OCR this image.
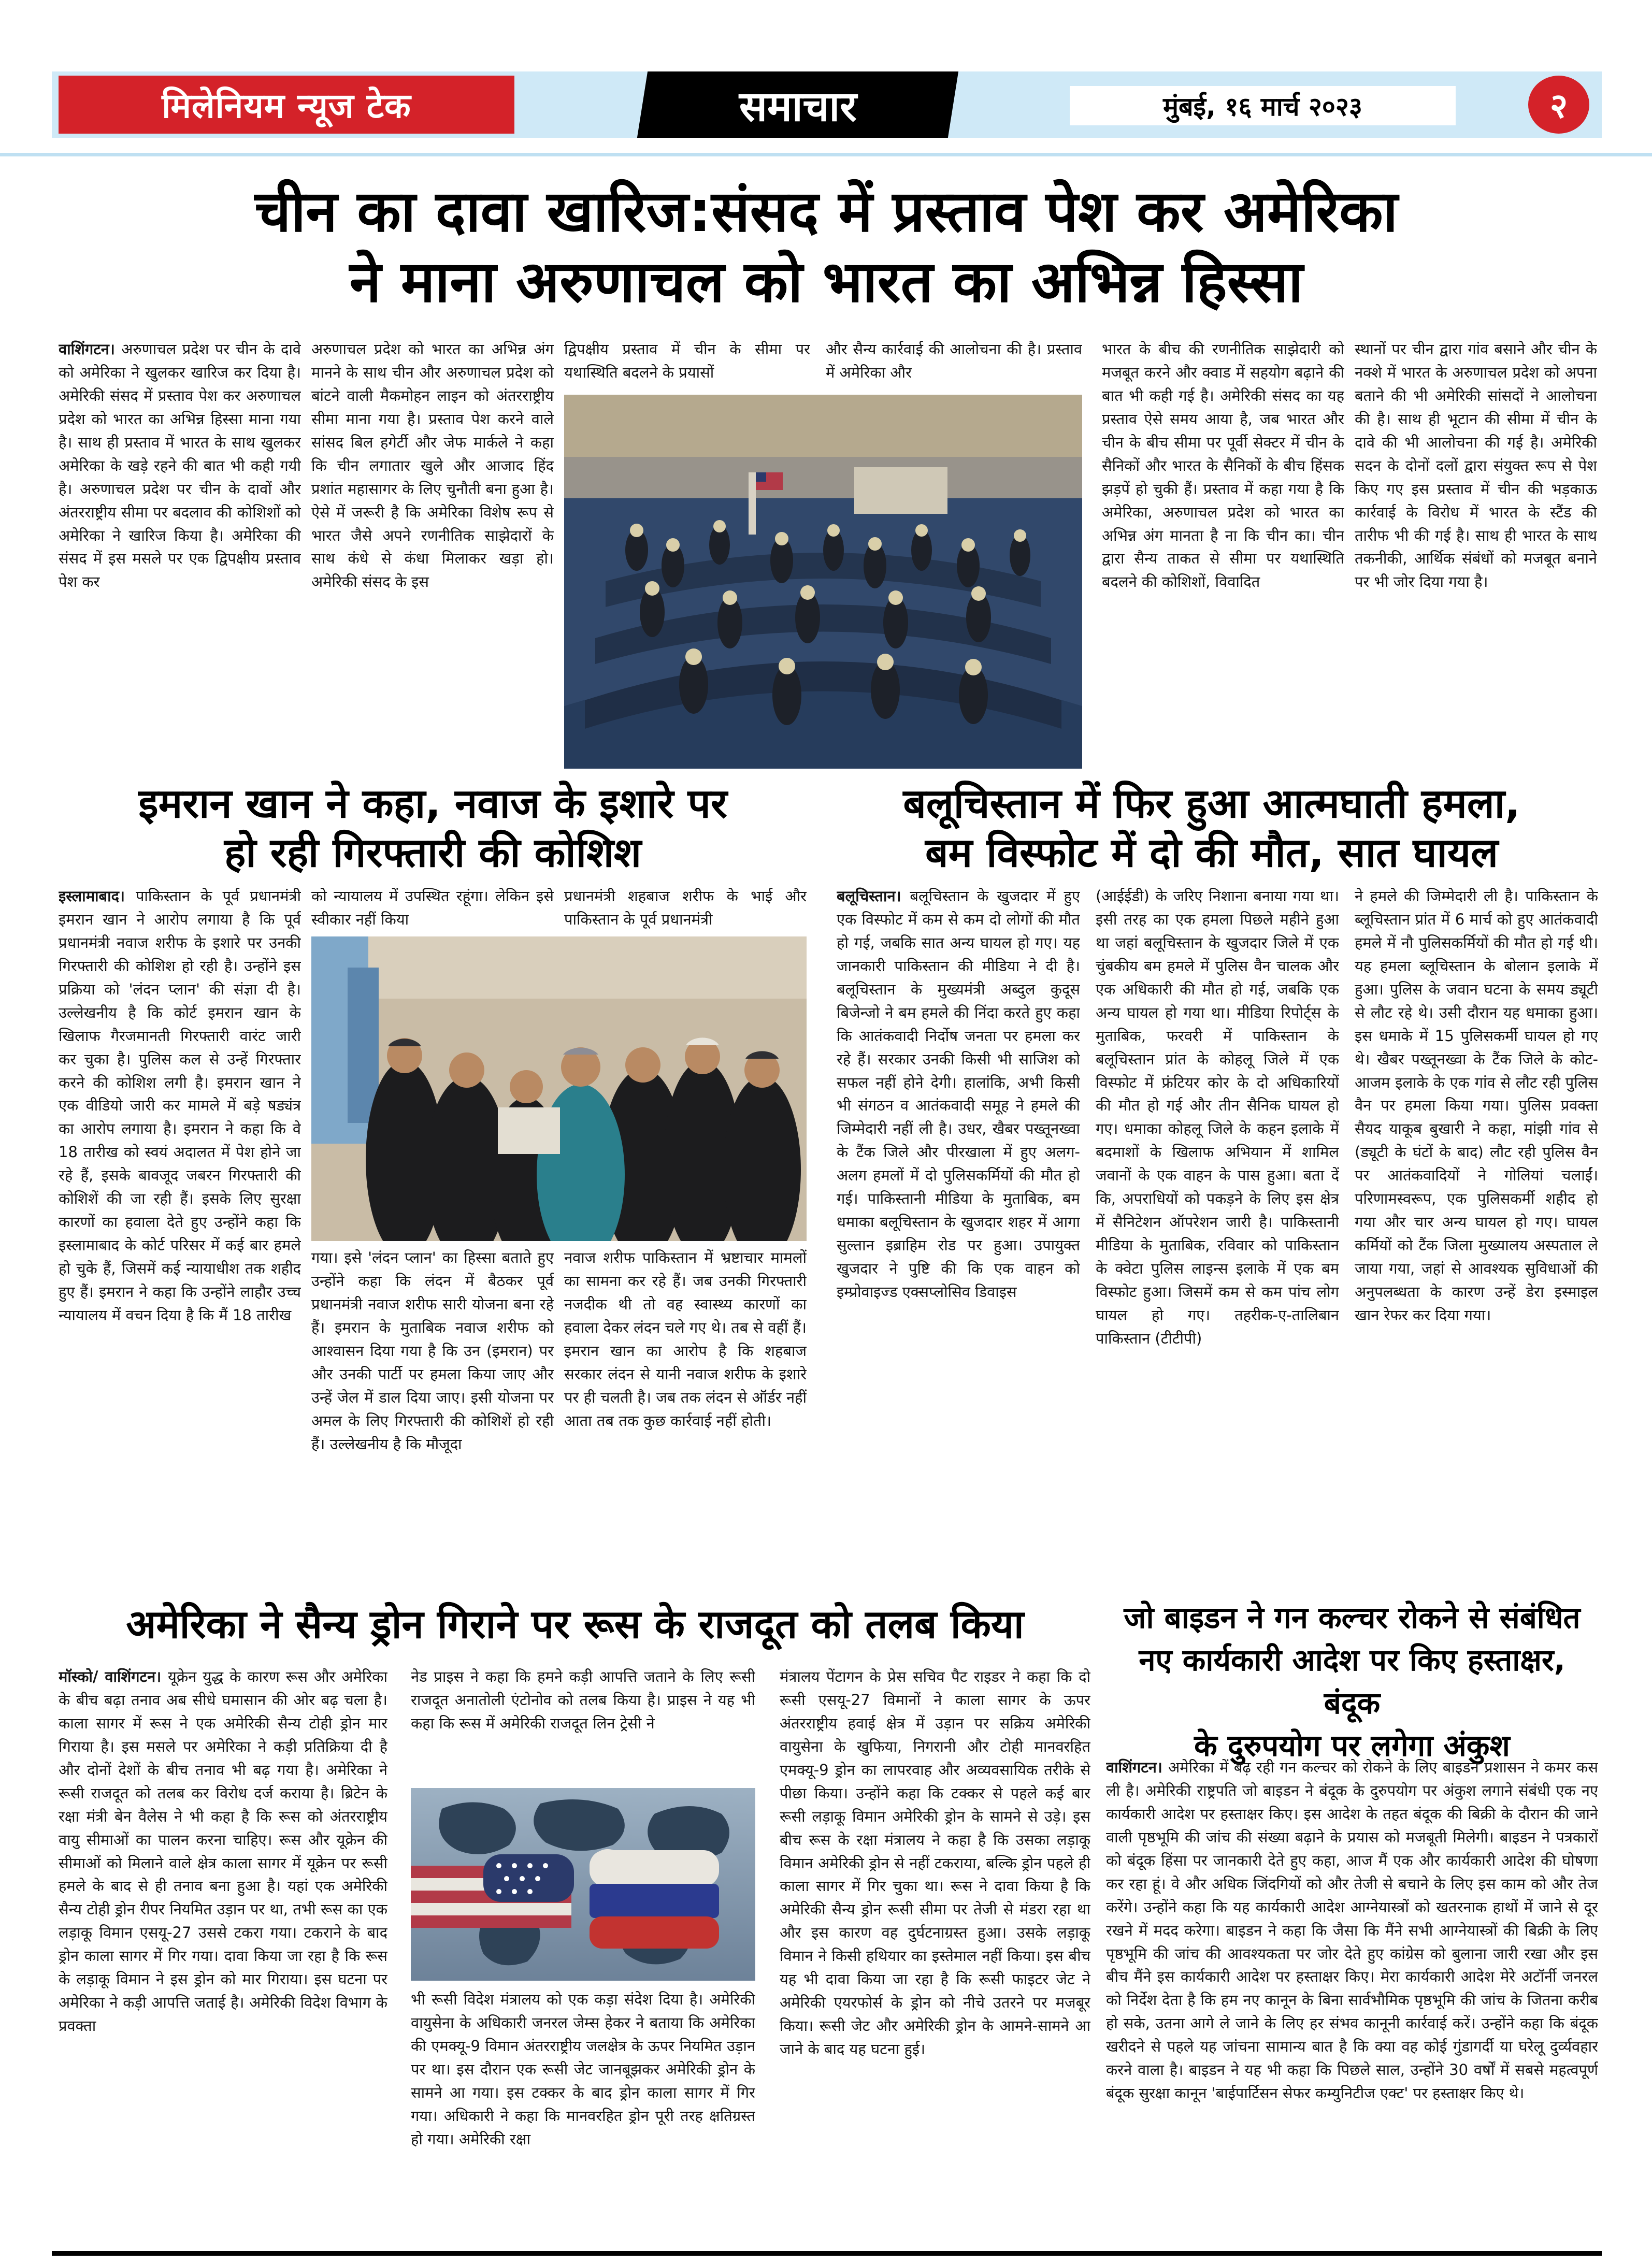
मिलेनियम न्यूज टेक	समाचार	मुंबई, १६ मार्च २०२३	२
चीन का दावा खारिज:संसद में प्रस्ताव पेश कर अमेरिका
ने माना अरुणाचल को भारत का अभिन्न हिस्सा
वाशिंगटन। अरुणाचल प्रदेश पर चीन के दावे को अमेरिका ने खुलकर खारिज कर दिया है। अमेरिकी संसद में प्रस्ताव पेश कर अरुणाचल प्रदेश को भारत का अभिन्न हिस्सा माना गया है। साथ ही प्रस्ताव में भारत के साथ खुलकर अमेरिका के खड़े रहने की बात भी कही गयी है। अरुणाचल प्रदेश पर चीन के दावों और अंतरराष्ट्रीय सीमा पर बदलाव की कोशिशों को अमेरिका ने खारिज किया है। अमेरिका की संसद में इस मसले पर एक द्विपक्षीय प्रस्ताव पेश कर
अरुणाचल प्रदेश को भारत का अभिन्न अंग मानने के साथ चीन और अरुणाचल प्रदेश को बांटने वाली मैकमोहन लाइन को अंतरराष्ट्रीय सीमा माना गया है। प्रस्ताव पेश करने वाले सांसद बिल हगेर्टी और जेफ मार्कले ने कहा कि चीन लगातार खुले और आजाद हिंद प्रशांत महासागर के लिए चुनौती बना हुआ है। ऐसे में जरूरी है कि अमेरिका विशेष रूप से भारत जैसे अपने रणनीतिक साझेदारों के साथ कंधे से कंधा मिलाकर खड़ा हो। अमेरिकी संसद के इस
द्विपक्षीय प्रस्ताव में चीन के सीमा पर यथास्थिति बदलने के प्रयासों
और सैन्य कार्रवाई की आलोचना की है। प्रस्ताव में अमेरिका और
भारत के बीच की रणनीतिक साझेदारी को मजबूत करने और क्वाड में सहयोग बढ़ाने की बात भी कही गई है। अमेरिकी संसद का यह प्रस्ताव ऐसे समय आया है, जब भारत और चीन के बीच सीमा पर पूर्वी सेक्टर में चीन के सैनिकों और भारत के सैनिकों के बीच हिंसक झड़पें हो चुकी हैं। प्रस्ताव में कहा गया है कि अमेरिका, अरुणाचल प्रदेश को भारत का अभिन्न अंग मानता है ना कि चीन का। चीन द्वारा सैन्य ताकत से सीमा पर यथास्थिति बदलने की कोशिशों, विवादित
स्थानों पर चीन द्वारा गांव बसाने और चीन के नक्शे में भारत के अरुणाचल प्रदेश को अपना बताने की भी अमेरिकी सांसदों ने आलोचना की है। साथ ही भूटान की सीमा में चीन के दावे की भी आलोचना की गई है। अमेरिकी सदन के दोनों दलों द्वारा संयुक्त रूप से पेश किए गए इस प्रस्ताव में चीन की भड़काऊ कार्रवाई के विरोध में भारत के स्टैंड की तारीफ भी की गई है। साथ ही भारत के साथ तकनीकी, आर्थिक संबंधों को मजबूत बनाने पर भी जोर दिया गया है।
इमरान खान ने कहा, नवाज के इशारे पर
हो रही गिरफ्तारी की कोशिश
इस्लामाबाद। पाकिस्तान के पूर्व प्रधानमंत्री इमरान खान ने आरोप लगाया है कि पूर्व प्रधानमंत्री नवाज शरीफ के इशारे पर उनकी गिरफ्तारी की कोशिश हो रही है। उन्होंने इस प्रक्रिया को 'लंदन प्लान' की संज्ञा दी है। उल्लेखनीय है कि कोर्ट इमरान खान के खिलाफ गैरजमानती गिरफ्तारी वारंट जारी कर चुका है। पुलिस कल से उन्हें गिरफ्तार करने की कोशिश लगी है। इमरान खान ने एक वीडियो जारी कर मामले में बड़े षड्यंत्र का आरोप लगाया है। इमरान ने कहा कि वे 18 तारीख को स्वयं अदालत में पेश होने जा रहे हैं, इसके बावजूद जबरन गिरफ्तारी की कोशिशें की जा रही हैं। इसके लिए सुरक्षा कारणों का हवाला देते हुए उन्होंने कहा कि इस्लामाबाद के कोर्ट परिसर में कई बार हमले हो चुके हैं, जिसमें कई न्यायाधीश तक शहीद हुए हैं। इमरान ने कहा कि उन्होंने लाहौर उच्च न्यायालय में वचन दिया है कि मैं 18 तारीख
को न्यायालय में उपस्थित रहूंगा। लेकिन इसे स्वीकार नहीं किया
प्रधानमंत्री शहबाज शरीफ के भाई और पाकिस्तान के पूर्व प्रधानमंत्री
गया। इसे 'लंदन प्लान' का हिस्सा बताते हुए उन्होंने कहा कि लंदन में बैठकर पूर्व प्रधानमंत्री नवाज शरीफ सारी योजना बना रहे हैं। इमरान के मुताबिक नवाज शरीफ को आश्वासन दिया गया है कि उन (इमरान) पर और उनकी पार्टी पर हमला किया जाए और उन्हें जेल में डाल दिया जाए। इसी योजना पर अमल के लिए गिरफ्तारी की कोशिशें हो रही हैं। उल्लेखनीय है कि मौजूदा
नवाज शरीफ पाकिस्तान में भ्रष्टाचार मामलों का सामना कर रहे हैं। जब उनकी गिरफ्तारी नजदीक थी तो वह स्वास्थ्य कारणों का हवाला देकर लंदन चले गए थे। तब से वहीं हैं। इमरान खान का आरोप है कि शहबाज सरकार लंदन से यानी नवाज शरीफ के इशारे पर ही चलती है। जब तक लंदन से ऑर्डर नहीं आता तब तक कुछ कार्रवाई नहीं होती।
बलूचिस्तान में फिर हुआ आत्मघाती हमला,
बम विस्फोट में दो की मौत, सात घायल
बलूचिस्तान। बलूचिस्तान के खुजदार में हुए एक विस्फोट में कम से कम दो लोगों की मौत हो गई, जबकि सात अन्य घायल हो गए। यह जानकारी पाकिस्तान की मीडिया ने दी है। बलूचिस्तान के मुख्यमंत्री अब्दुल कुदूस बिजेन्जो ने बम हमले की निंदा करते हुए कहा कि आतंकवादी निर्दोष जनता पर हमला कर रहे हैं। सरकार उनकी किसी भी साजिश को सफल नहीं होने देगी। हालांकि, अभी किसी भी संगठन व आतंकवादी समूह ने हमले की जिम्मेदारी नहीं ली है। उधर, खैबर पख्तूनख्वा के टैंक जिले और पीरखाला में हुए अलग-अलग हमलों में दो पुलिसकर्मियों की मौत हो गई। पाकिस्तानी मीडिया के मुताबिक, बम धमाका बलूचिस्तान के खुजदार शहर में आगा सुल्तान इब्राहिम रोड पर हुआ। उपायुक्त खुजदार ने पुष्टि की कि एक वाहन को इम्प्रोवाइज्ड एक्सप्लोसिव डिवाइस
(आईईडी) के जरिए निशाना बनाया गया था। इसी तरह का एक हमला पिछले महीने हुआ था जहां बलूचिस्तान के खुजदार जिले में एक चुंबकीय बम हमले में पुलिस वैन चालक और एक अधिकारी की मौत हो गई, जबकि एक अन्य घायल हो गया था। मीडिया रिपोर्ट्स के मुताबिक, फरवरी में पाकिस्तान के बलूचिस्तान प्रांत के कोहलू जिले में एक विस्फोट में फ्रंटियर कोर के दो अधिकारियों की मौत हो गई और तीन सैनिक घायल हो गए। धमाका कोहलू जिले के कहन इलाके में बदमाशों के खिलाफ अभियान में शामिल जवानों के एक वाहन के पास हुआ। बता दें कि, अपराधियों को पकड़ने के लिए इस क्षेत्र में सैनिटेशन ऑपरेशन जारी है। पाकिस्तानी मीडिया के मुताबिक, रविवार को पाकिस्तान के क्वेटा पुलिस लाइन्स इलाके में एक बम विस्फोट हुआ। जिसमें कम से कम पांच लोग घायल हो गए। तहरीक-ए-तालिबान पाकिस्तान (टीटीपी)
ने हमले की जिम्मेदारी ली है। पाकिस्तान के ब्लूचिस्तान प्रांत में 6 मार्च को हुए आतंकवादी हमले में नौ पुलिसकर्मियों की मौत हो गई थी। यह हमला ब्लूचिस्तान के बोलान इलाके में हुआ। पुलिस के जवान घटना के समय ड्यूटी से लौट रहे थे। उसी दौरान यह धमाका हुआ। इस धमाके में 15 पुलिसकर्मी घायल हो गए थे। खैबर पख्तूनख्वा के टैंक जिले के कोट-आजम इलाके के एक गांव से लौट रही पुलिस वैन पर हमला किया गया। पुलिस प्रवक्ता सैयद याकूब बुखारी ने कहा, मांझी गांव से (ड्यूटी के घंटों के बाद) लौट रही पुलिस वैन पर आतंकवादियों ने गोलियां चलाईं। परिणामस्वरूप, एक पुलिसकर्मी शहीद हो गया और चार अन्य घायल हो गए। घायल कर्मियों को टैंक जिला मुख्यालय अस्पताल ले जाया गया, जहां से आवश्यक सुविधाओं की अनुपलब्धता के कारण उन्हें डेरा इस्माइल खान रेफर कर दिया गया।
अमेरिका ने सैन्य ड्रोन गिराने पर रूस के राजदूत को तलब किया
मॉस्को/ वाशिंगटन। यूक्रेन युद्ध के कारण रूस और अमेरिका के बीच बढ़ा तनाव अब सीधे घमासान की ओर बढ़ चला है। काला सागर में रूस ने एक अमेरिकी सैन्य टोही ड्रोन मार गिराया है। इस मसले पर अमेरिका ने कड़ी प्रतिक्रिया दी है और दोनों देशों के बीच तनाव भी बढ़ गया है। अमेरिका ने रूसी राजदूत को तलब कर विरोध दर्ज कराया है। ब्रिटेन के रक्षा मंत्री बेन वैलेस ने भी कहा है कि रूस को अंतरराष्ट्रीय वायु सीमाओं का पालन करना चाहिए। रूस और यूक्रेन की सीमाओं को मिलाने वाले क्षेत्र काला सागर में यूक्रेन पर रूसी हमले के बाद से ही तनाव बना हुआ है। यहां एक अमेरिकी सैन्य टोही ड्रोन रीपर नियमित उड़ान पर था, तभी रूस का एक लड़ाकू विमान एसयू-27 उससे टकरा गया। टकराने के बाद ड्रोन काला सागर में गिर गया। दावा किया जा रहा है कि रूस के लड़ाकू विमान ने इस ड्रोन को मार गिराया। इस घटना पर अमेरिका ने कड़ी आपत्ति जताई है। अमेरिकी विदेश विभाग के प्रवक्ता
नेड प्राइस ने कहा कि हमने कड़ी आपत्ति जताने के लिए रूसी राजदूत अनातोली एंटोनोव को तलब किया है। प्राइस ने यह भी कहा कि रूस में अमेरिकी राजदूत लिन ट्रेसी ने
भी रूसी विदेश मंत्रालय को एक कड़ा संदेश दिया है। अमेरिकी वायुसेना के अधिकारी जनरल जेम्स हेकर ने बताया कि अमेरिका की एमक्यू-9 विमान अंतरराष्ट्रीय जलक्षेत्र के ऊपर नियमित उड़ान पर था। इस दौरान एक रूसी जेट जानबूझकर अमेरिकी ड्रोन के सामने आ गया। इस टक्कर के बाद ड्रोन काला सागर में गिर गया। अधिकारी ने कहा कि मानवरहित ड्रोन पूरी तरह क्षतिग्रस्त हो गया। अमेरिकी रक्षा
मंत्रालय पेंटागन के प्रेस सचिव पैट राइडर ने कहा कि दो रूसी एसयू-27 विमानों ने काला सागर के ऊपर अंतरराष्ट्रीय हवाई क्षेत्र में उड़ान पर सक्रिय अमेरिकी वायुसेना के खुफिया, निगरानी और टोही मानवरहित एमक्यू-9 ड्रोन का लापरवाह और अव्यवसायिक तरीके से पीछा किया। उन्होंने कहा कि टक्कर से पहले कई बार रूसी लड़ाकू विमान अमेरिकी ड्रोन के सामने से उड़े। इस बीच रूस के रक्षा मंत्रालय ने कहा है कि उसका लड़ाकू विमान अमेरिकी ड्रोन से नहीं टकराया, बल्कि ड्रोन पहले ही काला सागर में गिर चुका था। रूस ने दावा किया है कि अमेरिकी सैन्य ड्रोन रूसी सीमा पर तेजी से मंडरा रहा था और इस कारण वह दुर्घटनाग्रस्त हुआ। उसके लड़ाकू विमान ने किसी हथियार का इस्तेमाल नहीं किया। इस बीच यह भी दावा किया जा रहा है कि रूसी फाइटर जेट ने अमेरिकी एयरफोर्स के ड्रोन को नीचे उतरने पर मजबूर किया। रूसी जेट और अमेरिकी ड्रोन के आमने-सामने आ जाने के बाद यह घटना हुई।
जो बाइडन ने गन कल्चर रोकने से संबंधित
नए कार्यकारी आदेश पर किए हस्ताक्षर, बंदूक
के दुरुपयोग पर लगेगा अंकुश
वाशिंगटन। अमेरिका में बढ़ रही गन कल्चर को रोकने के लिए बाइडन प्रशासन ने कमर कस ली है। अमेरिकी राष्ट्रपति जो बाइडन ने बंदूक के दुरुपयोग पर अंकुश लगाने संबंधी एक नए कार्यकारी आदेश पर हस्ताक्षर किए। इस आदेश के तहत बंदूक की बिक्री के दौरान की जाने वाली पृष्ठभूमि की जांच की संख्या बढ़ाने के प्रयास को मजबूती मिलेगी। बाइडन ने पत्रकारों को बंदूक हिंसा पर जानकारी देते हुए कहा, आज मैं एक और कार्यकारी आदेश की घोषणा कर रहा हूं। वे और अधिक जिंदगियों को और तेजी से बचाने के लिए इस काम को और तेज करेंगे। उन्होंने कहा कि यह कार्यकारी आदेश आग्नेयास्त्रों को खतरनाक हाथों में जाने से दूर रखने में मदद करेगा। बाइडन ने कहा कि जैसा कि मैंने सभी आग्नेयास्त्रों की बिक्री के लिए पृष्ठभूमि की जांच की आवश्यकता पर जोर देते हुए कांग्रेस को बुलाना जारी रखा और इस बीच मैंने इस कार्यकारी आदेश पर हस्ताक्षर किए। मेरा कार्यकारी आदेश मेरे अटॉर्नी जनरल को निर्देश देता है कि हम नए कानून के बिना सार्वभौमिक पृष्ठभूमि की जांच के जितना करीब हो सके, उतना आगे ले जाने के लिए हर संभव कानूनी कार्रवाई करें। उन्होंने कहा कि बंदूक खरीदने से पहले यह जांचना सामान्य बात है कि क्या वह कोई गुंडागर्दी या घरेलू दुर्व्यवहार करने वाला है। बाइडन ने यह भी कहा कि पिछले साल, उन्होंने 30 वर्षों में सबसे महत्वपूर्ण बंदूक सुरक्षा कानून 'बाईपार्टिसन सेफर कम्युनिटीज एक्ट' पर हस्ताक्षर किए थे।
